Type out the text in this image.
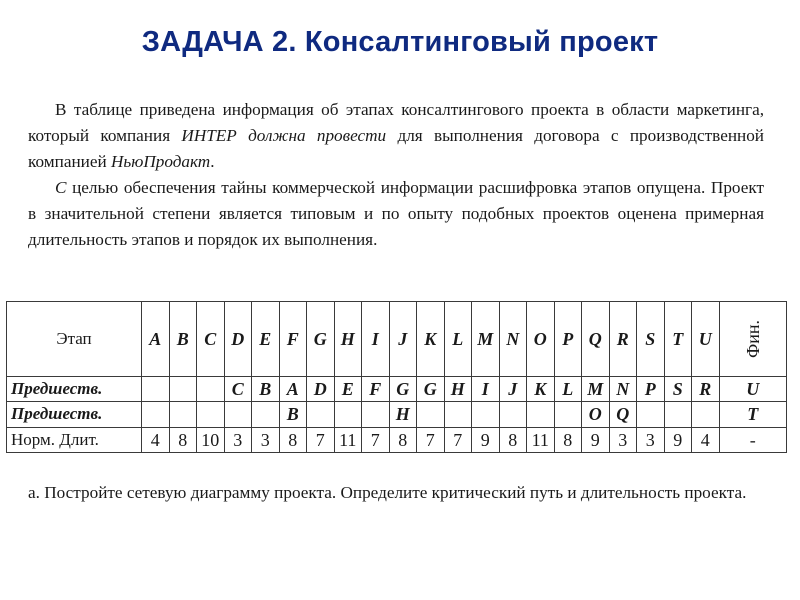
ЗАДАЧА 2. Консалтинговый проект

В таблице приведена информация об этапах консалтингового проекта в области маркетинга, который компания ИНТЕР должна провести для выполнения договора с производственной компанией НьюПродакт.

С целью обеспечения тайны коммерческой информации расшифровка этапов опущена. Проект в значительной степени является типовым и по опыту подобных проектов оценена примерная длительность этапов и порядок их выполнения.

Этап	A	B	C	D	E	F	G	H	I	J	K	L	M	N	O	P	Q	R	S	T	U	Фин.
Предшеств.				C	B	A	D	E	F	G	G	H	I	J	K	L	M	N	P	S	R	U
Предшеств.						B				H							O	Q				T
Норм. Длит.	4	8	10	3	3	8	7	11	7	8	7	7	9	8	11	8	9	3	3	9	4	-

а. Постройте сетевую диаграмму проекта. Определите критический путь и длительность проекта.
